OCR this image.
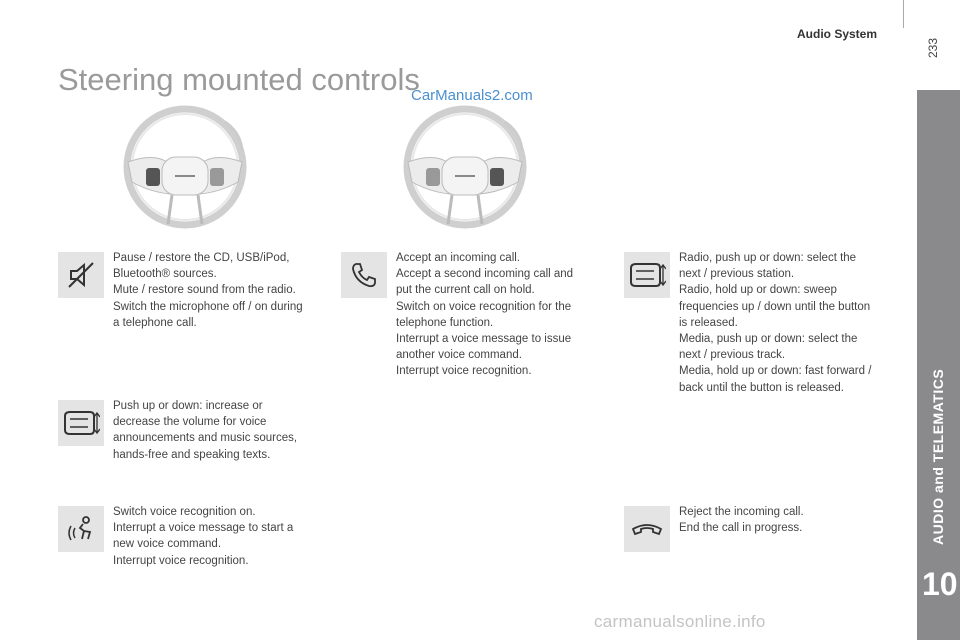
Audio System
233
AUDIO and TELEMATICS
10
Steering mounted controls
CarManuals2.com
Pause / restore the CD, USB/iPod,
Bluetooth® sources.
Mute / restore sound from the radio.
Switch the microphone off / on during
a telephone call.
Accept an incoming call.
Accept a second incoming call and
put the current call on hold.
Switch on voice recognition for the
telephone function.
Interrupt a voice message to issue
another voice command.
Interrupt voice recognition.
Radio, push up or down: select the
next / previous station.
Radio, hold up or down: sweep
frequencies up / down until the button
is released.
Media, push up or down: select the
next / previous track.
Media, hold up or down: fast forward /
back until the button is released.
Push up or down: increase or
decrease the volume for voice
announcements and music sources,
hands-free and speaking texts.
Switch voice recognition on.
Interrupt a voice message to start a
new voice command.
Interrupt voice recognition.
Reject the incoming call.
End the call in progress.
carmanualsonline.info
